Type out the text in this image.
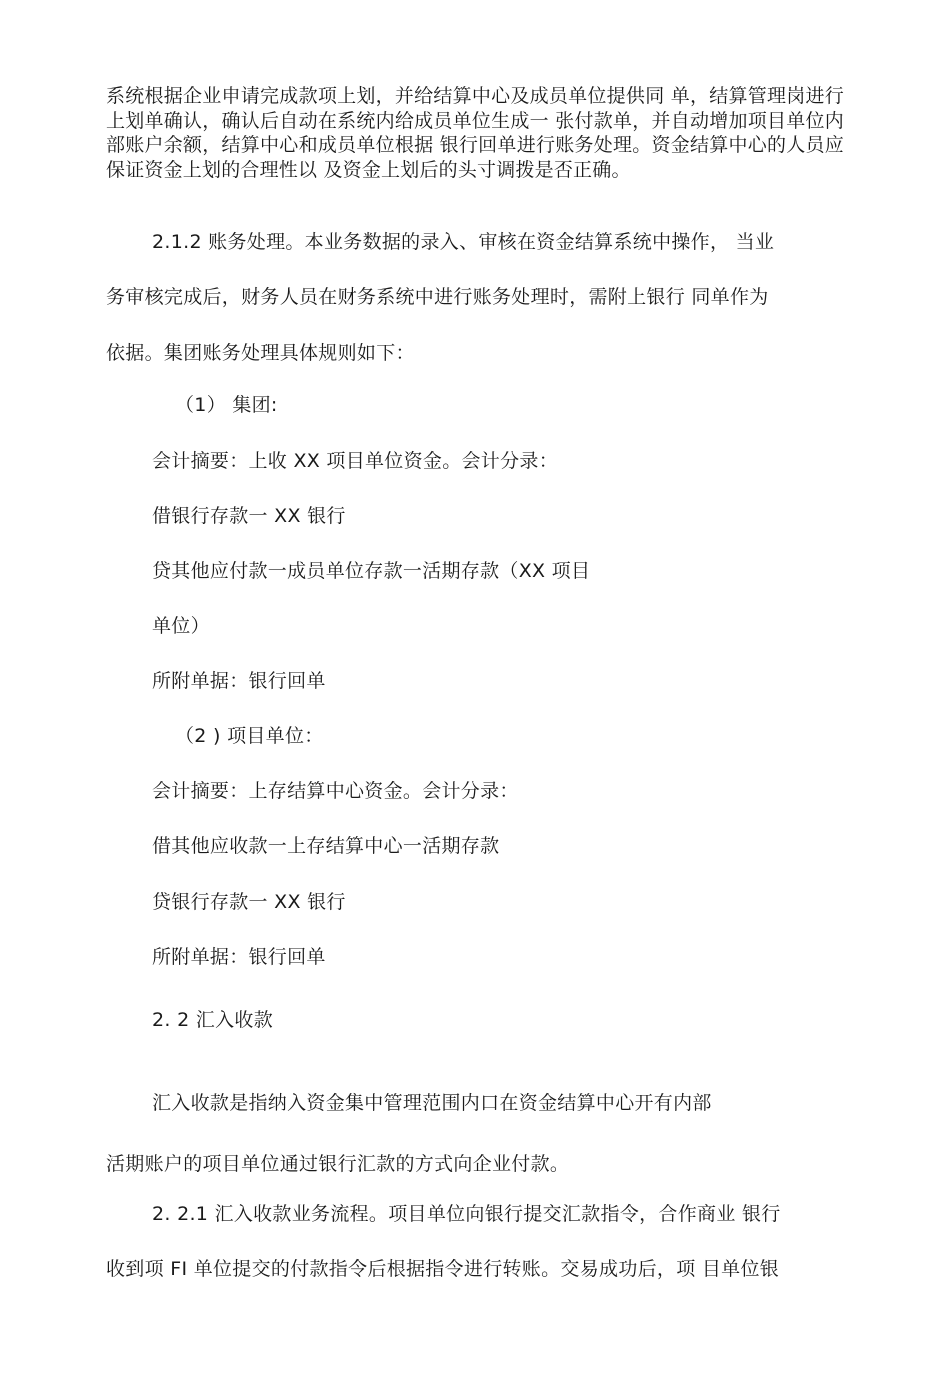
系统根据企业申请完成款项上划，并给结算中心及成员单位提供同 单，结算管理岗进行上划单确认，确认后自动在系统内给成员单位生成一 张付款单，并自动增加项目单位内部账户余额，结算中心和成员单位根据 银行回单进行账务处理。资金结算中心的人员应保证资金上划的合理性以 及资金上划后的头寸调拨是否正确。

2.1.2 账务处理。本业务数据的录入、审核在资金结算系统中操作， 当业

务审核完成后，财务人员在财务系统中进行账务处理时，需附上银行 同单作为

依据。集团账务处理具体规则如下：

（1） 集团:

会计摘要：上收 XX 项目单位资金。会计分录：

借银行存款一 XX 银行

贷其他应付款一成员单位存款一活期存款（XX 项目

单位）

所附单据：银行回单

（2 ) 项目单位：

会计摘要：上存结算中心资金。会计分录：

借其他应收款一上存结算中心一活期存款

贷银行存款一 XX 银行

所附单据：银行回单

2. 2 汇入收款

汇入收款是指纳入资金集中管理范围内口在资金结算中心开有内部

活期账户的项目单位通过银行汇款的方式向企业付款。

2. 2.1 汇入收款业务流程。项目单位向银行提交汇款指令，合作商业 银行

收到项 FI 单位提交的付款指令后根据指令进行转账。交易成功后，项 目单位银
